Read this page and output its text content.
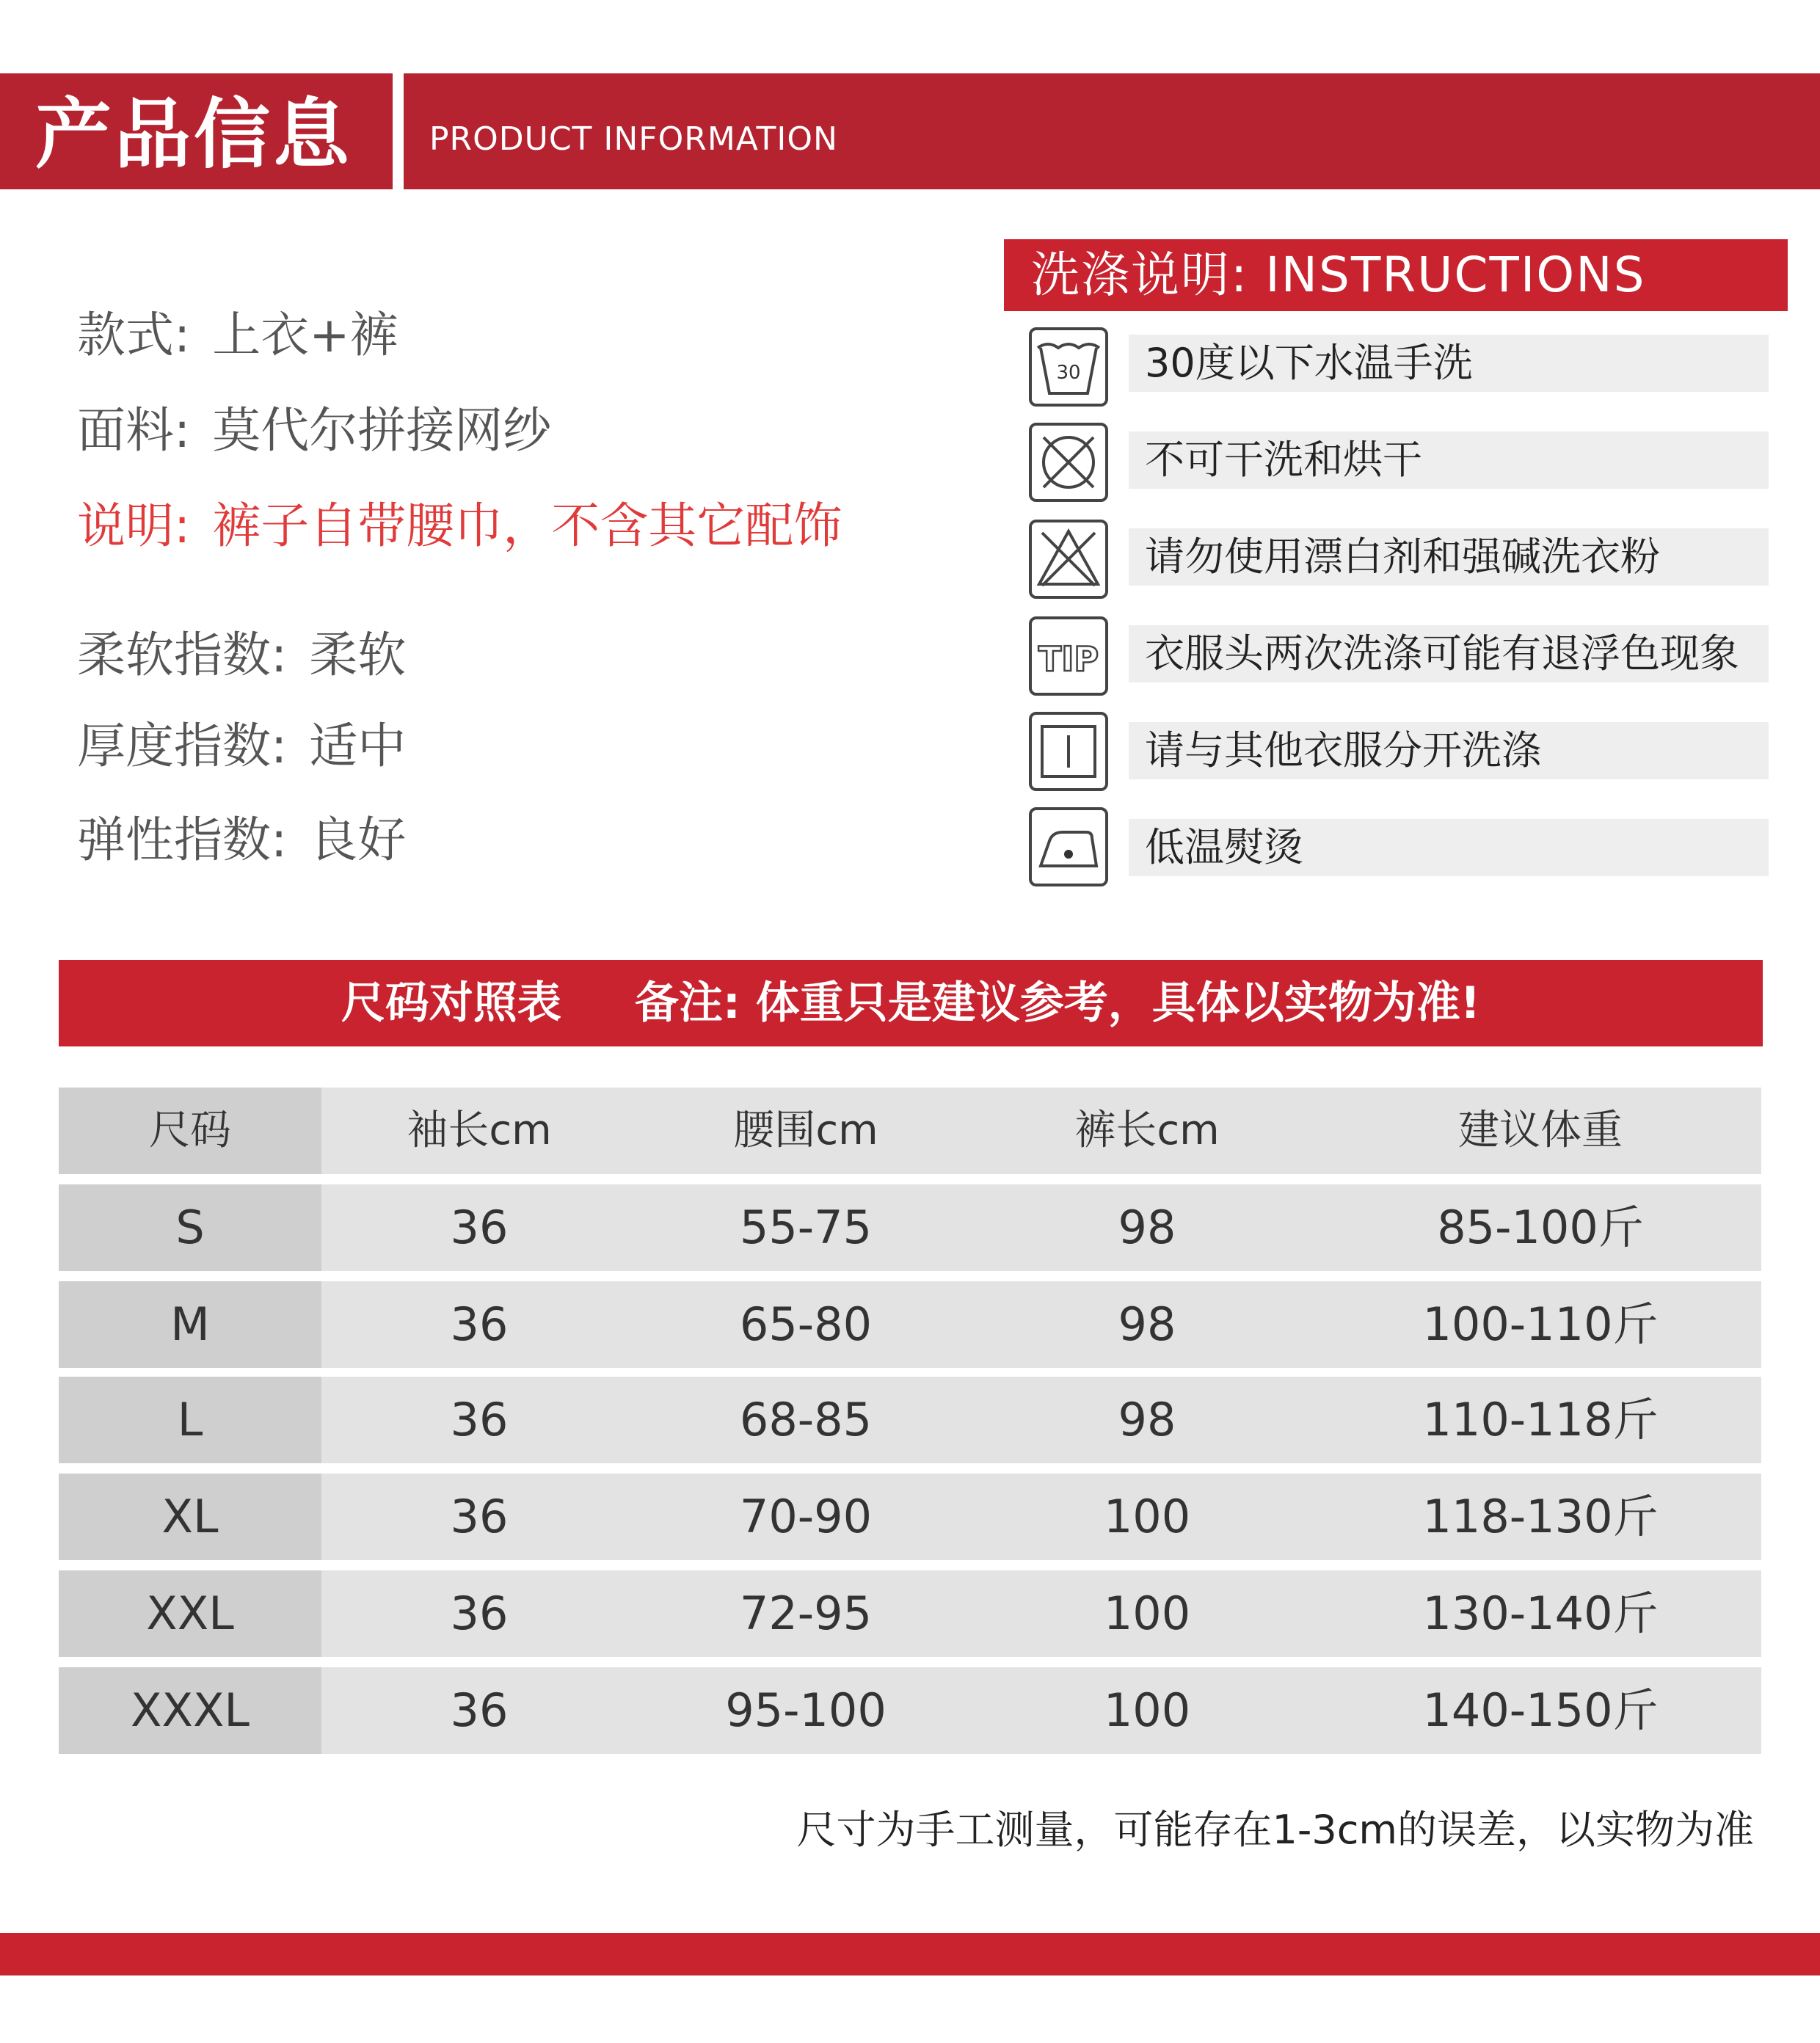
产品信息 PRODUCT INFORMATION
款式: 上衣+裤
面料: 莫代尔拼接网纱
说明: 裤子自带腰巾，不含其它配饰
柔软指数: 柔软
厚度指数: 适中
弹性指数: 良好
洗涤说明: INSTRUCTIONS
30度以下水温手洗
30
不可干洗和烘干
请勿使用漂白剂和强碱洗衣粉
衣服头两次洗涤可能有退浮色现象
TIP
请与其他衣服分开洗涤
低温熨烫
尺码对照表 备注: 体重只是建议参考，具体以实物为准!
尺码	袖长cm	腰围cm	裤长cm	建议体重
S	36	55-75	98	85-100斤
M	36	65-80	98	100-110斤
L	36	68-85	98	110-118斤
XL	36	70-90	100	118-130斤
XXL	36	72-95	100	130-140斤
XXXL	36	95-100	100	140-150斤
尺寸为手工测量，可能存在1-3cm的误差，以实物为准
